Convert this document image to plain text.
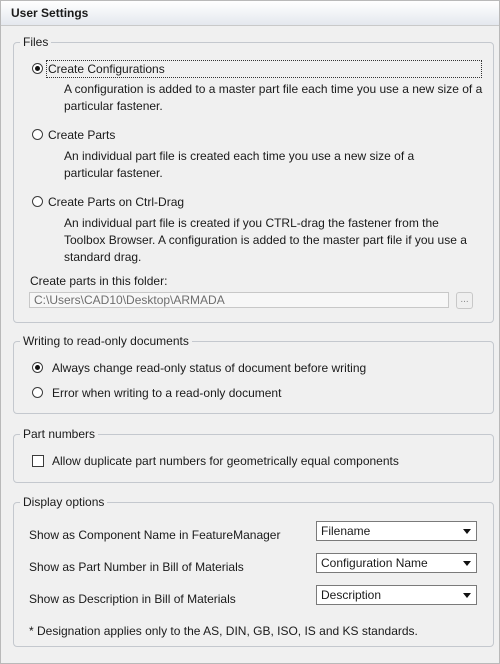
User Settings
Files
Create Configurations
A configuration is added to a master part file each time you use a new size of a particular fastener.
Create Parts
An individual part file is created each time you use a new size of a particular fastener.
Create Parts on Ctrl-Drag
An individual part file is created if you CTRL-drag the fastener from the Toolbox Browser. A configuration is added to the master part file if you use a standard drag.
Create parts in this folder:
C:\Users\CAD10\Desktop\ARMADA
...
Writing to read-only documents
Always change read-only status of document before writing
Error when writing to a read-only document
Part numbers
Allow duplicate part numbers for geometrically equal components
Display options
Show as Component Name in FeatureManager
Show as Part Number in Bill of Materials
Show as Description in Bill of Materials
* Designation applies only to the AS, DIN, GB, ISO, IS and KS standards.
Filename
Configuration Name
Description
